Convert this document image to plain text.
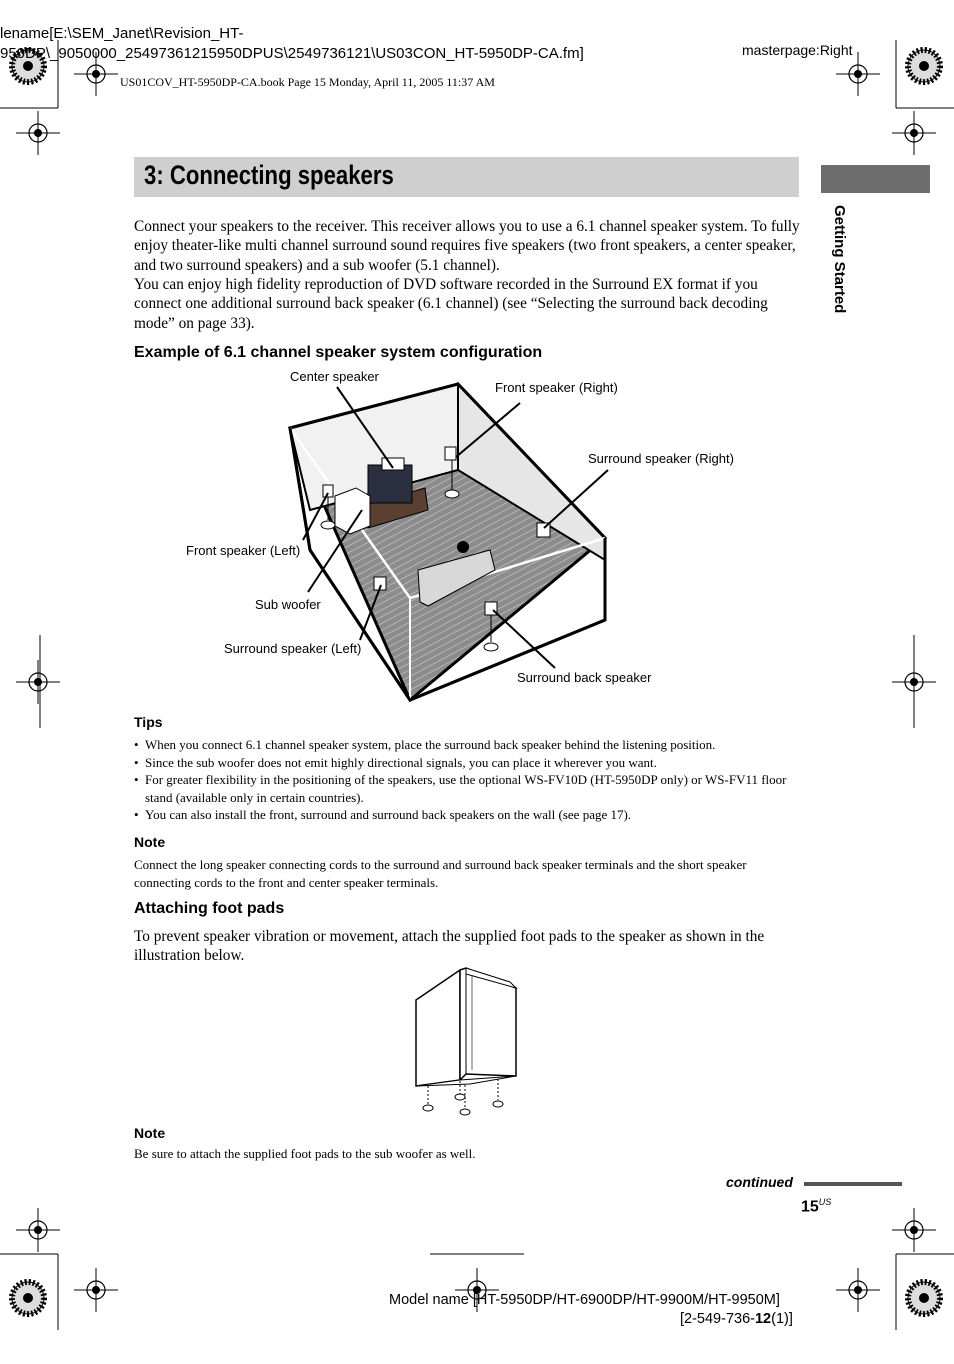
lename[E:\SEM_Janet\Revision_HT-
950DP\_9050000_25497361215950DPUS\2549736121\US03CON_HT-5950DP-CA.fm]	masterpage:Right
US01COV_HT-5950DP-CA.book Page 15 Monday, April 11, 2005 11:37 AM
3: Connecting speakers
Getting Started
Connect your speakers to the receiver. This receiver allows you to use a 6.1 channel speaker system. To fully enjoy theater-like multi channel surround sound requires five speakers (two front speakers, a center speaker, and two surround speakers) and a sub woofer (5.1 channel).
You can enjoy high fidelity reproduction of DVD software recorded in the Surround EX format if you connect one additional surround back speaker (6.1 channel) (see “Selecting the surround back decoding mode” on page 33).
Example of 6.1 channel speaker system configuration
Center speaker
Front speaker (Right)
Surround speaker (Right)
Front speaker (Left)
Sub woofer
Surround speaker (Left)
Surround back speaker
Tips
• When you connect 6.1 channel speaker system, place the surround back speaker behind the listening position.
• Since the sub woofer does not emit highly directional signals, you can place it wherever you want.
• For greater flexibility in the positioning of the speakers, use the optional WS-FV10D (HT-5950DP only) or WS-FV11 floor stand (available only in certain countries).
• You can also install the front, surround and surround back speakers on the wall (see page 17).
Note
Connect the long speaker connecting cords to the surround and surround back speaker terminals and the short speaker connecting cords to the front and center speaker terminals.
Attaching foot pads
To prevent speaker vibration or movement, attach the supplied foot pads to the speaker as shown in the illustration below.
Note
Be sure to attach the supplied foot pads to the sub woofer as well.
continued
$15^{US}$
Model name [HT-5950DP/HT-6900DP/HT-9900M/HT-9950M]
[2-549-736-12(1)]
